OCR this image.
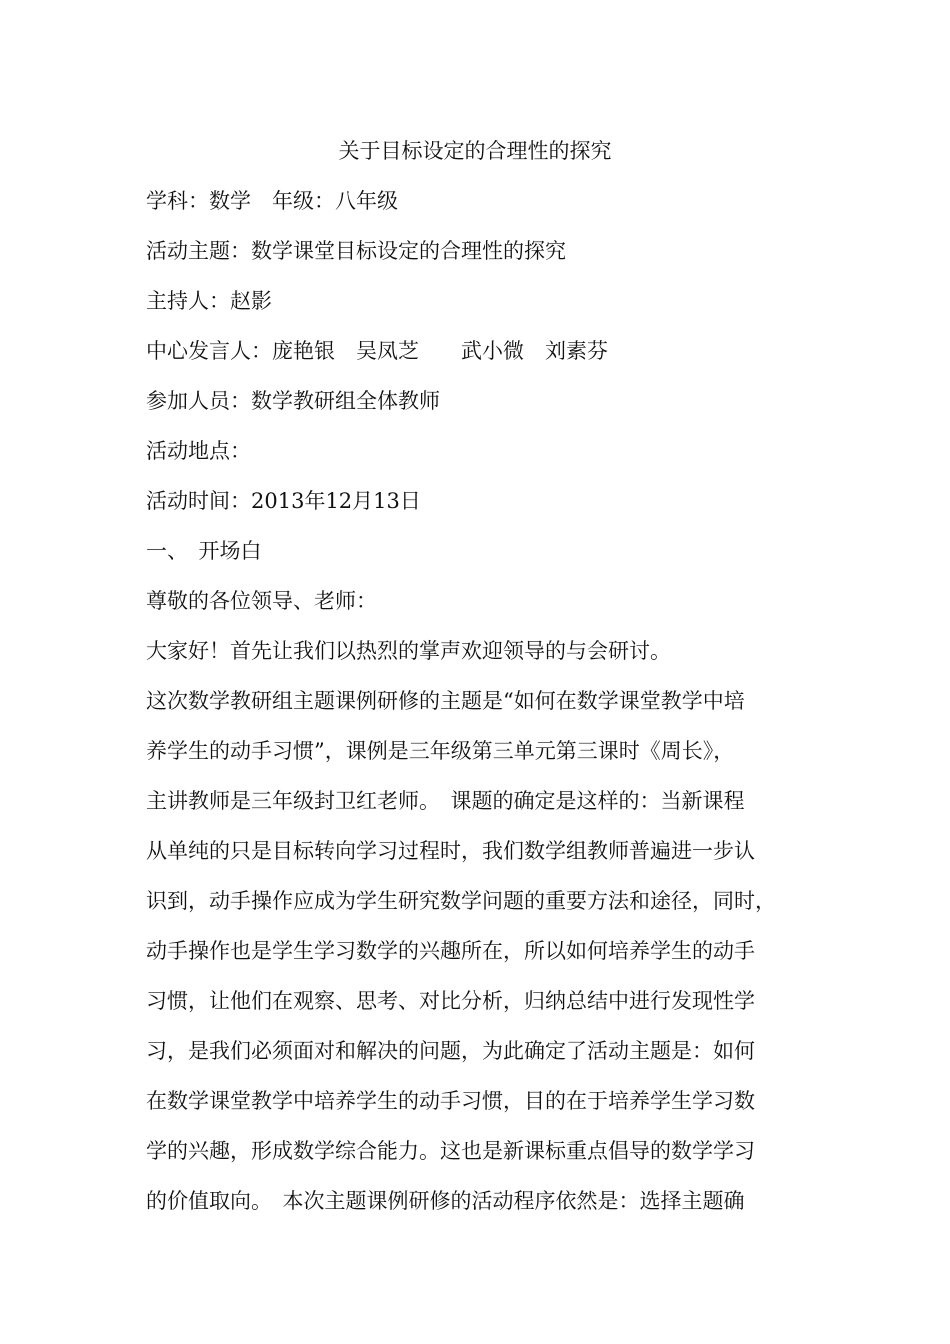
关于目标设定的合理性的探究
学科：数学　年级：八年级
活动主题：数学课堂目标设定的合理性的探究
主持人：赵影
中心发言人：庞艳银　吴凤芝　　武小微　刘素芬
参加人员：数学教研组全体教师
活动地点：
活动时间：2013年12月13日
一、　开场白
尊敬的各位领导、老师：
大家好！首先让我们以热烈的掌声欢迎领导的与会研讨。
这次数学教研组主题课例研修的主题是“如何在数学课堂教学中培
养学生的动手习惯”，课例是三年级第三单元第三课时《周长》，
主讲教师是三年级封卫红老师。　课题的确定是这样的：当新课程
从单纯的只是目标转向学习过程时，我们数学组教师普遍进一步认
识到，动手操作应成为学生研究数学问题的重要方法和途径，同时，
动手操作也是学生学习数学的兴趣所在，所以如何培养学生的动手
习惯，让他们在观察、思考、对比分析，归纳总结中进行发现性学
习，是我们必须面对和解决的问题，为此确定了活动主题是：如何
在数学课堂教学中培养学生的动手习惯，目的在于培养学生学习数
学的兴趣，形成数学综合能力。这也是新课标重点倡导的数学学习
的价值取向。　本次主题课例研修的活动程序依然是：选择主题确
